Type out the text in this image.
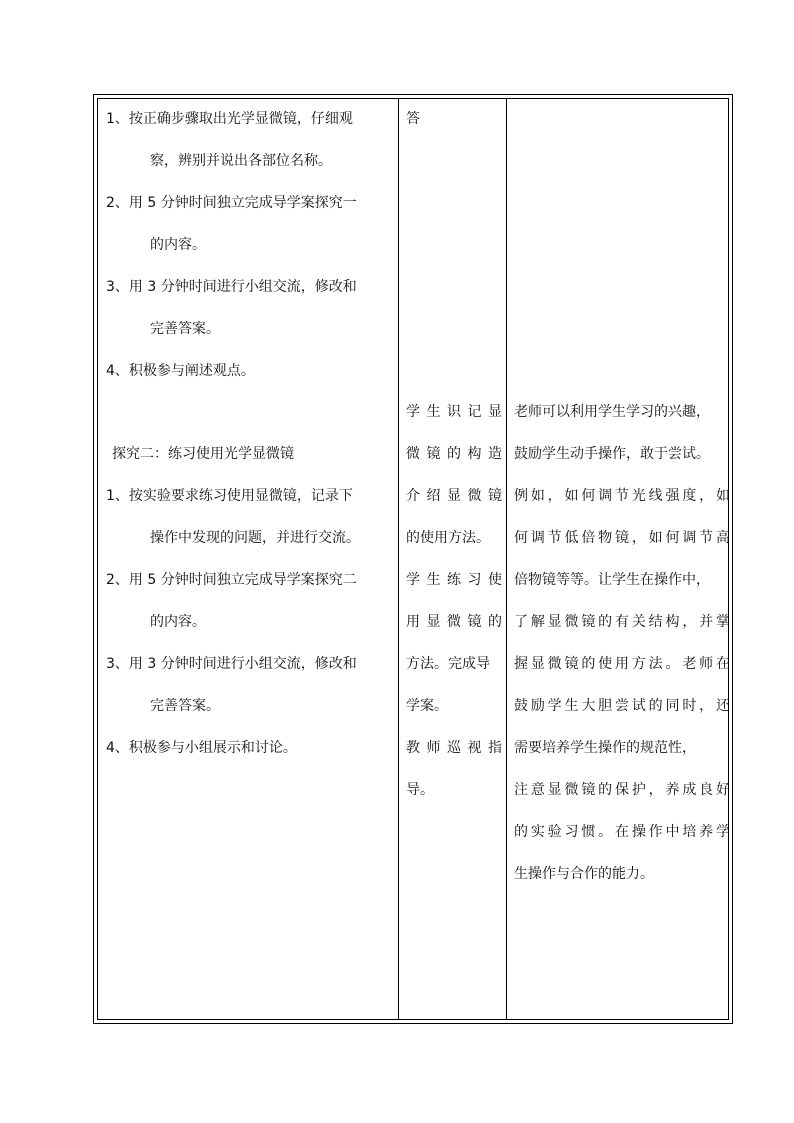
1、按正确步骤取出光学显微镜，仔细观
察，辨别并说出各部位名称。
2、用 5 分钟时间独立完成导学案探究一
的内容。
3、用 3 分钟时间进行小组交流，修改和
完善答案。
4、积极参与阐述观点。
探究二：练习使用光学显微镜
1、按实验要求练习使用显微镜，记录下
操作中发现的问题，并进行交流。
2、用 5 分钟时间独立完成导学案探究二
的内容。
3、用 3 分钟时间进行小组交流，修改和
完善答案。
4、积极参与小组展示和讨论。
答
学生识记显
微镜的构造
介绍显微镜
的使用方法。
学生练习使
用显微镜的
方法。完成导
学案。
教师巡视指
导。
老师可以利用学生学习的兴趣，
鼓励学生动手操作，敢于尝试。
例如，如何调节光线强度，如
何调节低倍物镜，如何调节高
倍物镜等等。让学生在操作中，
了解显微镜的有关结构，并掌
握显微镜的使用方法。老师在
鼓励学生大胆尝试的同时，还
需要培养学生操作的规范性，
注意显微镜的保护，养成良好
的实验习惯。在操作中培养学
生操作与合作的能力。
